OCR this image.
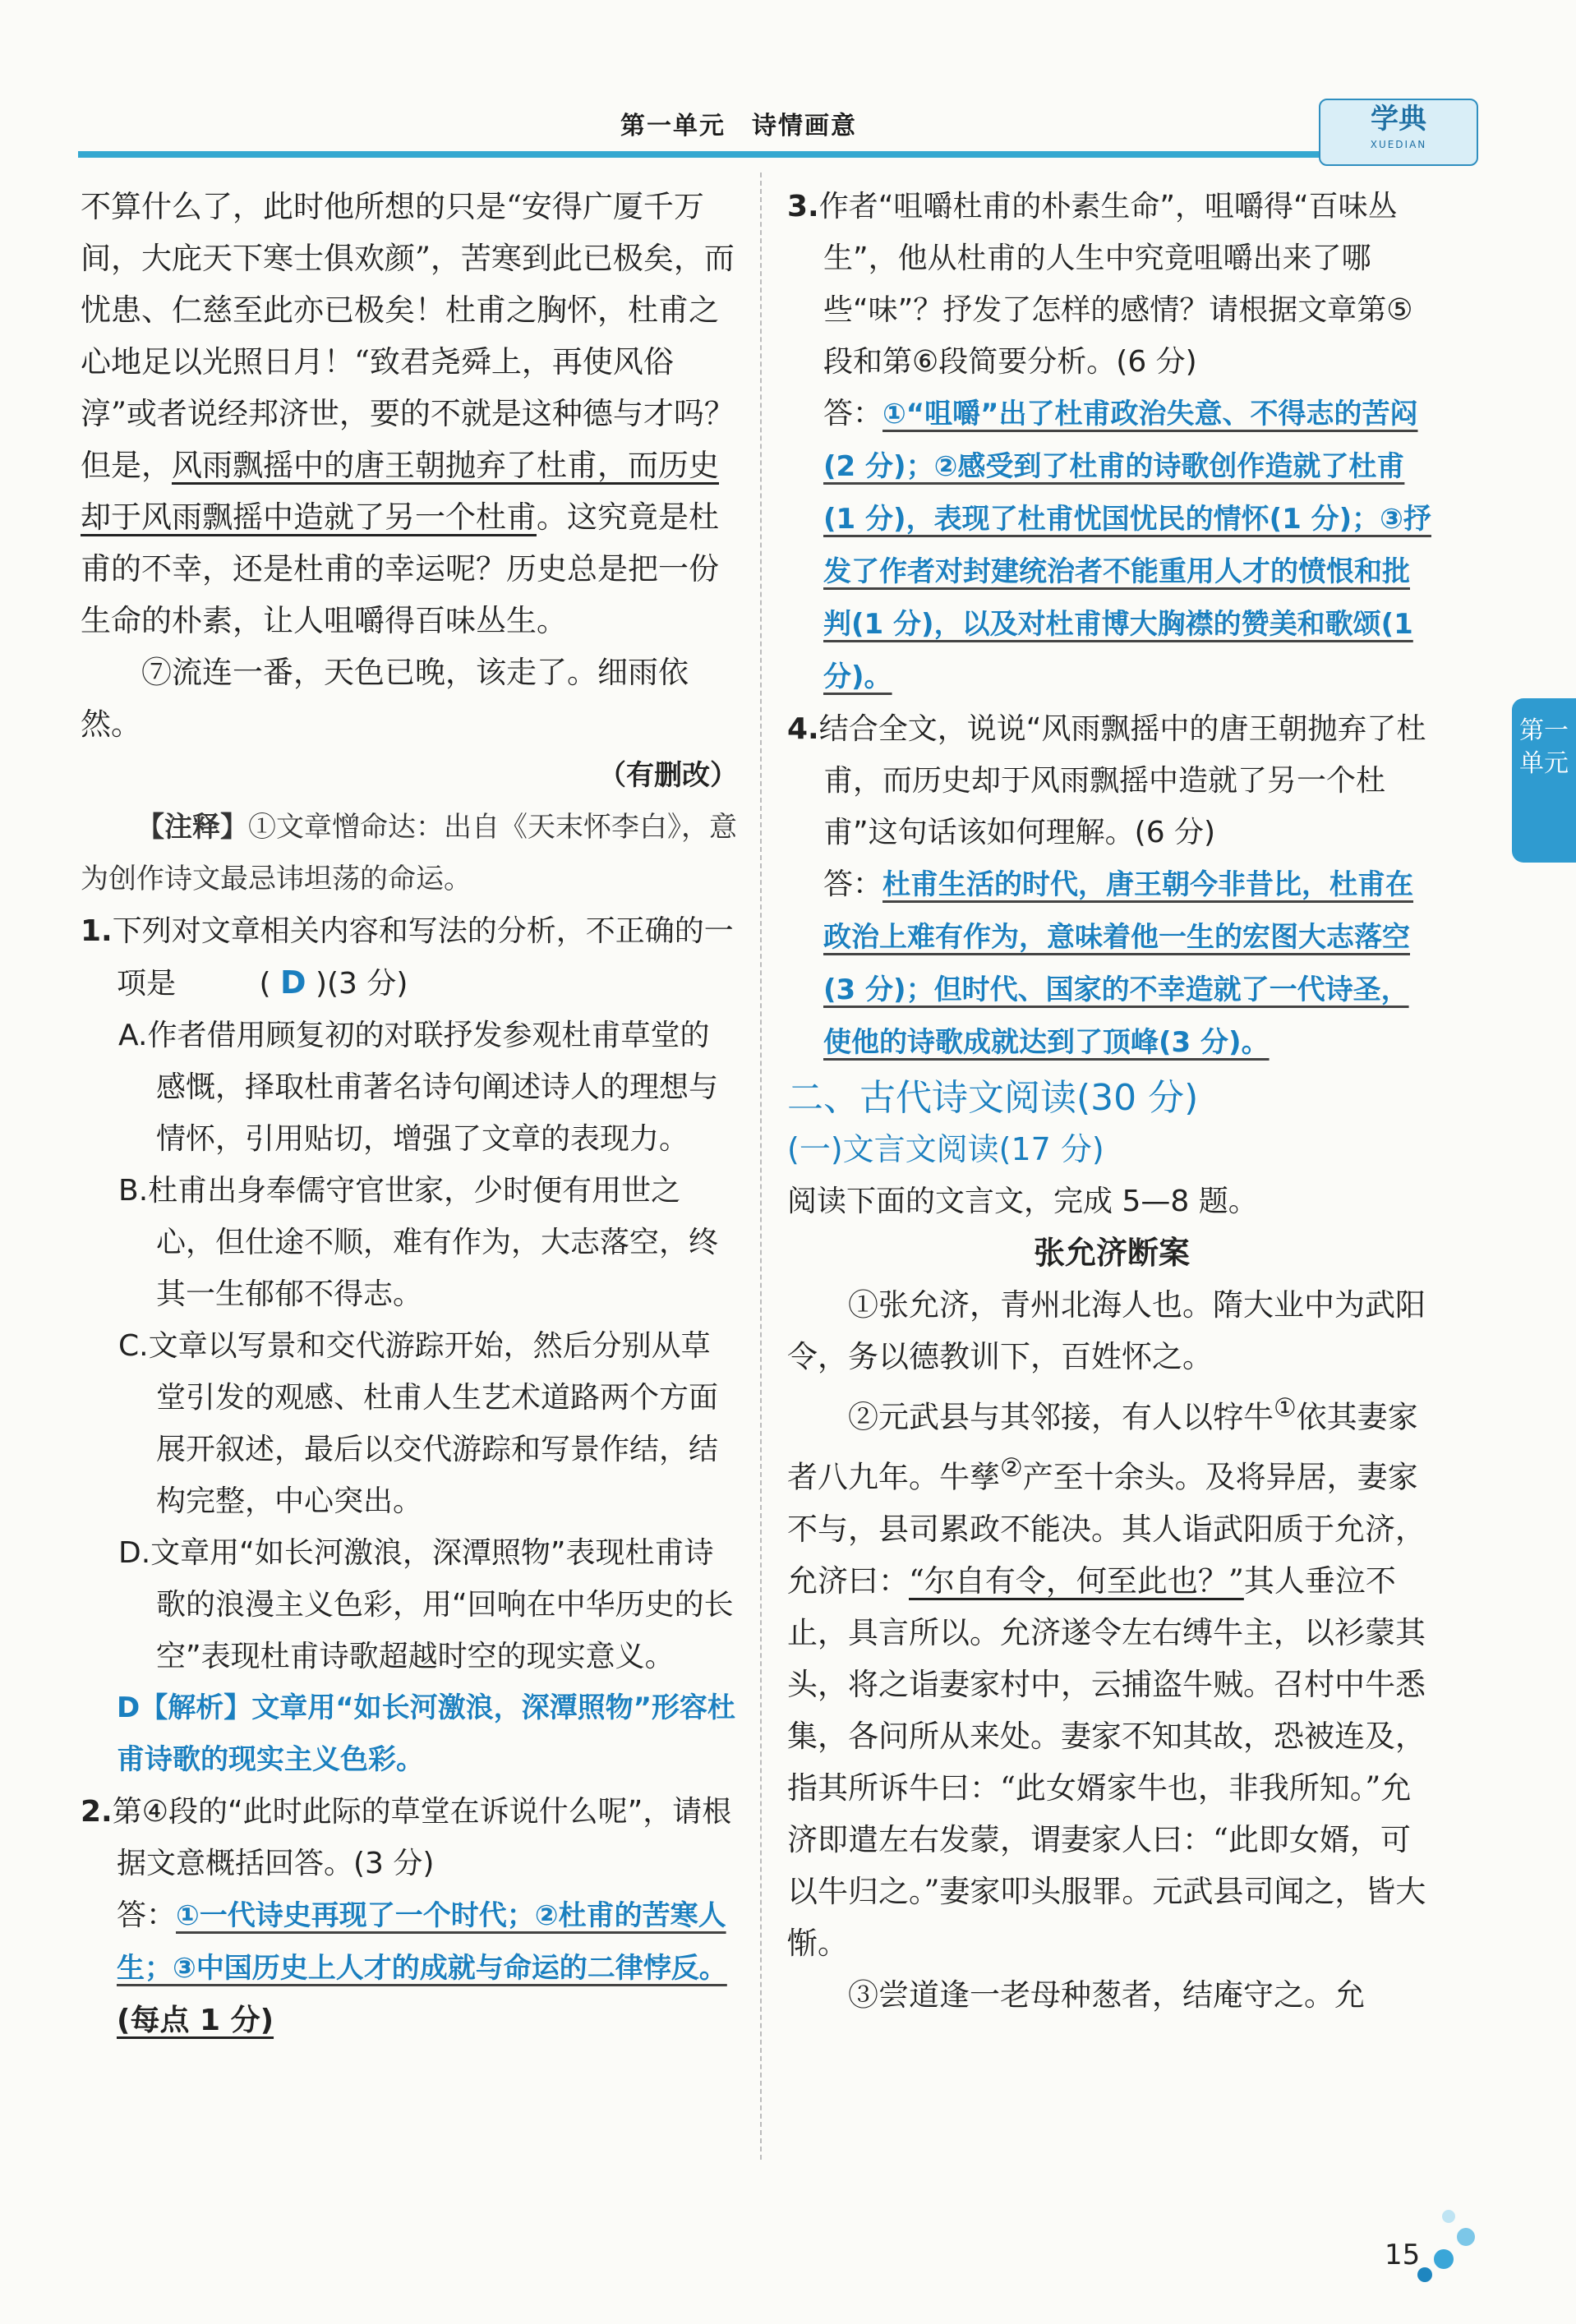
第一单元　诗情画意	学典
XUEDIAN

不算什么了，此时他所想的只是“安得广厦千万间，大庇天下寒士俱欢颜”，苦寒到此已极矣，而忧患、仁慈至此亦已极矣！杜甫之胸怀，杜甫之心地足以光照日月！“致君尧舜上，再使风俗淳”或者说经邦济世，要的不就是这种德与才吗？但是，风雨飘摇中的唐王朝抛弃了杜甫，而历史却于风雨飘摇中造就了另一个杜甫。这究竟是杜甫的不幸，还是杜甫的幸运呢？历史总是把一份生命的朴素，让人咀嚼得百味丛生。

⑦流连一番，天色已晚，该走了。细雨依然。

（有删改）

【注释】①文章憎命达：出自《天末怀李白》，意为创作诗文最忌讳坦荡的命运。

1.下列对文章相关内容和写法的分析，不正确的一项是	( D )(3 分)

A.作者借用顾复初的对联抒发参观杜甫草堂的感慨，择取杜甫著名诗句阐述诗人的理想与情怀，引用贴切，增强了文章的表现力。

B.杜甫出身奉儒守官世家，少时便有用世之心，但仕途不顺，难有作为，大志落空，终其一生郁郁不得志。

C.文章以写景和交代游踪开始，然后分别从草堂引发的观感、杜甫人生艺术道路两个方面展开叙述，最后以交代游踪和写景作结，结构完整，中心突出。

D.文章用“如长河激浪，深潭照物”表现杜甫诗歌的浪漫主义色彩，用“回响在中华历史的长空”表现杜甫诗歌超越时空的现实意义。

D【解析】文章用“如长河激浪，深潭照物”形容杜甫诗歌的现实主义色彩。

2.第④段的“此时此际的草堂在诉说什么呢”，请根据文意概括回答。(3 分)

答：①一代诗史再现了一个时代；②杜甫的苦寒人生；③中国历史上人才的成就与命运的二律悖反。(每点 1 分)

3.作者“咀嚼杜甫的朴素生命”，咀嚼得“百味丛生”，他从杜甫的人生中究竟咀嚼出来了哪些“味”？抒发了怎样的感情？请根据文章第⑤段和第⑥段简要分析。(6 分)

答：①“咀嚼”出了杜甫政治失意、不得志的苦闷(2 分)；②感受到了杜甫的诗歌创作造就了杜甫(1 分)，表现了杜甫忧国忧民的情怀(1 分)；③抒发了作者对封建统治者不能重用人才的愤恨和批判(1 分)，以及对杜甫博大胸襟的赞美和歌颂(1 分)。

4.结合全文，说说“风雨飘摇中的唐王朝抛弃了杜甫，而历史却于风雨飘摇中造就了另一个杜甫”这句话该如何理解。(6 分)

答：杜甫生活的时代，唐王朝今非昔比，杜甫在政治上难有作为，意味着他一生的宏图大志落空(3 分)；但时代、国家的不幸造就了一代诗圣，使他的诗歌成就达到了顶峰(3 分)。

二、古代诗文阅读(30 分)

(一)文言文阅读(17 分)

阅读下面的文言文，完成 5—8 题。

张允济断案

①张允济，青州北海人也。隋大业中为武阳令，务以德教训下，百姓怀之。

②元武县与其邻接，有人以牸牛①依其妻家者八九年。牛孳②产至十余头。及将异居，妻家不与，县司累政不能决。其人诣武阳质于允济，允济曰：“尔自有令，何至此也？”其人垂泣不止，具言所以。允济遂令左右缚牛主，以衫蒙其头，将之诣妻家村中，云捕盗牛贼。召村中牛悉集，各问所从来处。妻家不知其故，恐被连及，指其所诉牛曰：“此女婿家牛也，非我所知。”允济即遣左右发蒙，谓妻家人曰：“此即女婿，可以牛归之。”妻家叩头服罪。元武县司闻之，皆大惭。

③尝道逢一老母种葱者，结庵守之。允

第一单元
15
